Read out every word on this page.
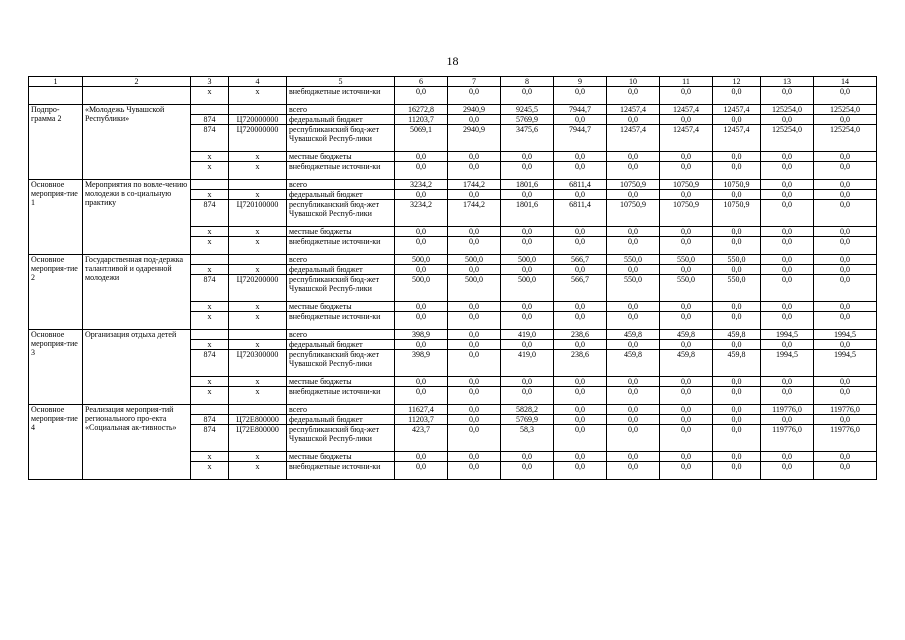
18
1	2	3	4	5	6	7	8	9	10	11	12	13	14
		x	x	внебюджетные источни-ки	0,0	0,0	0,0	0,0	0,0	0,0	0,0	0,0	0,0
Подпро-грамма 2	«Молодежь Чувашской Республики»			всего	16272,8	2940,9	9245,5	7944,7	12457,4	12457,4	12457,4	125254,0	125254,0
		874	Ц720000000	федеральный бюджет	11203,7	0,0	5769,9	0,0	0,0	0,0	0,0	0,0	0,0
		874	Ц720000000	республиканский бюд-жет Чувашской Респуб-лики	5069,1	2940,9	3475,6	7944,7	12457,4	12457,4	12457,4	125254,0	125254,0
		x	x	местные бюджеты	0,0	0,0	0,0	0,0	0,0	0,0	0,0	0,0	0,0
		x	x	внебюджетные источни-ки	0,0	0,0	0,0	0,0	0,0	0,0	0,0	0,0	0,0
Основное мероприя-тие 1	Мероприятия по вовле-чению молодежи в со-циальную практику			всего	3234,2	1744,2	1801,6	6811,4	10750,9	10750,9	10750,9	0,0	0,0
		x	x	федеральный бюджет	0,0	0,0	0,0	0,0	0,0	0,0	0,0	0,0	0,0
		874	Ц720100000	республиканский бюд-жет Чувашской Респуб-лики	3234,2	1744,2	1801,6	6811,4	10750,9	10750,9	10750,9	0,0	0,0
		x	x	местные бюджеты	0,0	0,0	0,0	0,0	0,0	0,0	0,0	0,0	0,0
		x	x	внебюджетные источни-ки	0,0	0,0	0,0	0,0	0,0	0,0	0,0	0,0	0,0
Основное мероприя-тие 2	Государственная под-держка талантливой и одаренной молодежи			всего	500,0	500,0	500,0	566,7	550,0	550,0	550,0	0,0	0,0
		x	x	федеральный бюджет	0,0	0,0	0,0	0,0	0,0	0,0	0,0	0,0	0,0
		874	Ц720200000	республиканский бюд-жет Чувашской Респуб-лики	500,0	500,0	500,0	566,7	550,0	550,0	550,0	0,0	0,0
		x	x	местные бюджеты	0,0	0,0	0,0	0,0	0,0	0,0	0,0	0,0	0,0
		x	x	внебюджетные источни-ки	0,0	0,0	0,0	0,0	0,0	0,0	0,0	0,0	0,0
Основное мероприя-тие 3	Организация отдыха детей			всего	398,9	0,0	419,0	238,6	459,8	459,8	459,8	1994,5	1994,5
		x	x	федеральный бюджет	0,0	0,0	0,0	0,0	0,0	0,0	0,0	0,0	0,0
		874	Ц720300000	республиканский бюд-жет Чувашской Респуб-лики	398,9	0,0	419,0	238,6	459,8	459,8	459,8	1994,5	1994,5
		x	x	местные бюджеты	0,0	0,0	0,0	0,0	0,0	0,0	0,0	0,0	0,0
		x	x	внебюджетные источни-ки	0,0	0,0	0,0	0,0	0,0	0,0	0,0	0,0	0,0
Основное мероприя-тие 4	Реализация мероприя-тий регионального про-екта «Социальная ак-тивность»			всего	11627,4	0,0	5828,2	0,0	0,0	0,0	0,0	119776,0	119776,0
		874	Ц72Е800000	федеральный бюджет	11203,7	0,0	5769,9	0,0	0,0	0,0	0,0	0,0	0,0
		874	Ц72Е800000	республиканский бюд-жет Чувашской Респуб-лики	423,7	0,0	58,3	0,0	0,0	0,0	0,0	119776,0	119776,0
		x	x	местные бюджеты	0,0	0,0	0,0	0,0	0,0	0,0	0,0	0,0	0,0
		x	x	внебюджетные источни-ки	0,0	0,0	0,0	0,0	0,0	0,0	0,0	0,0	0,0
